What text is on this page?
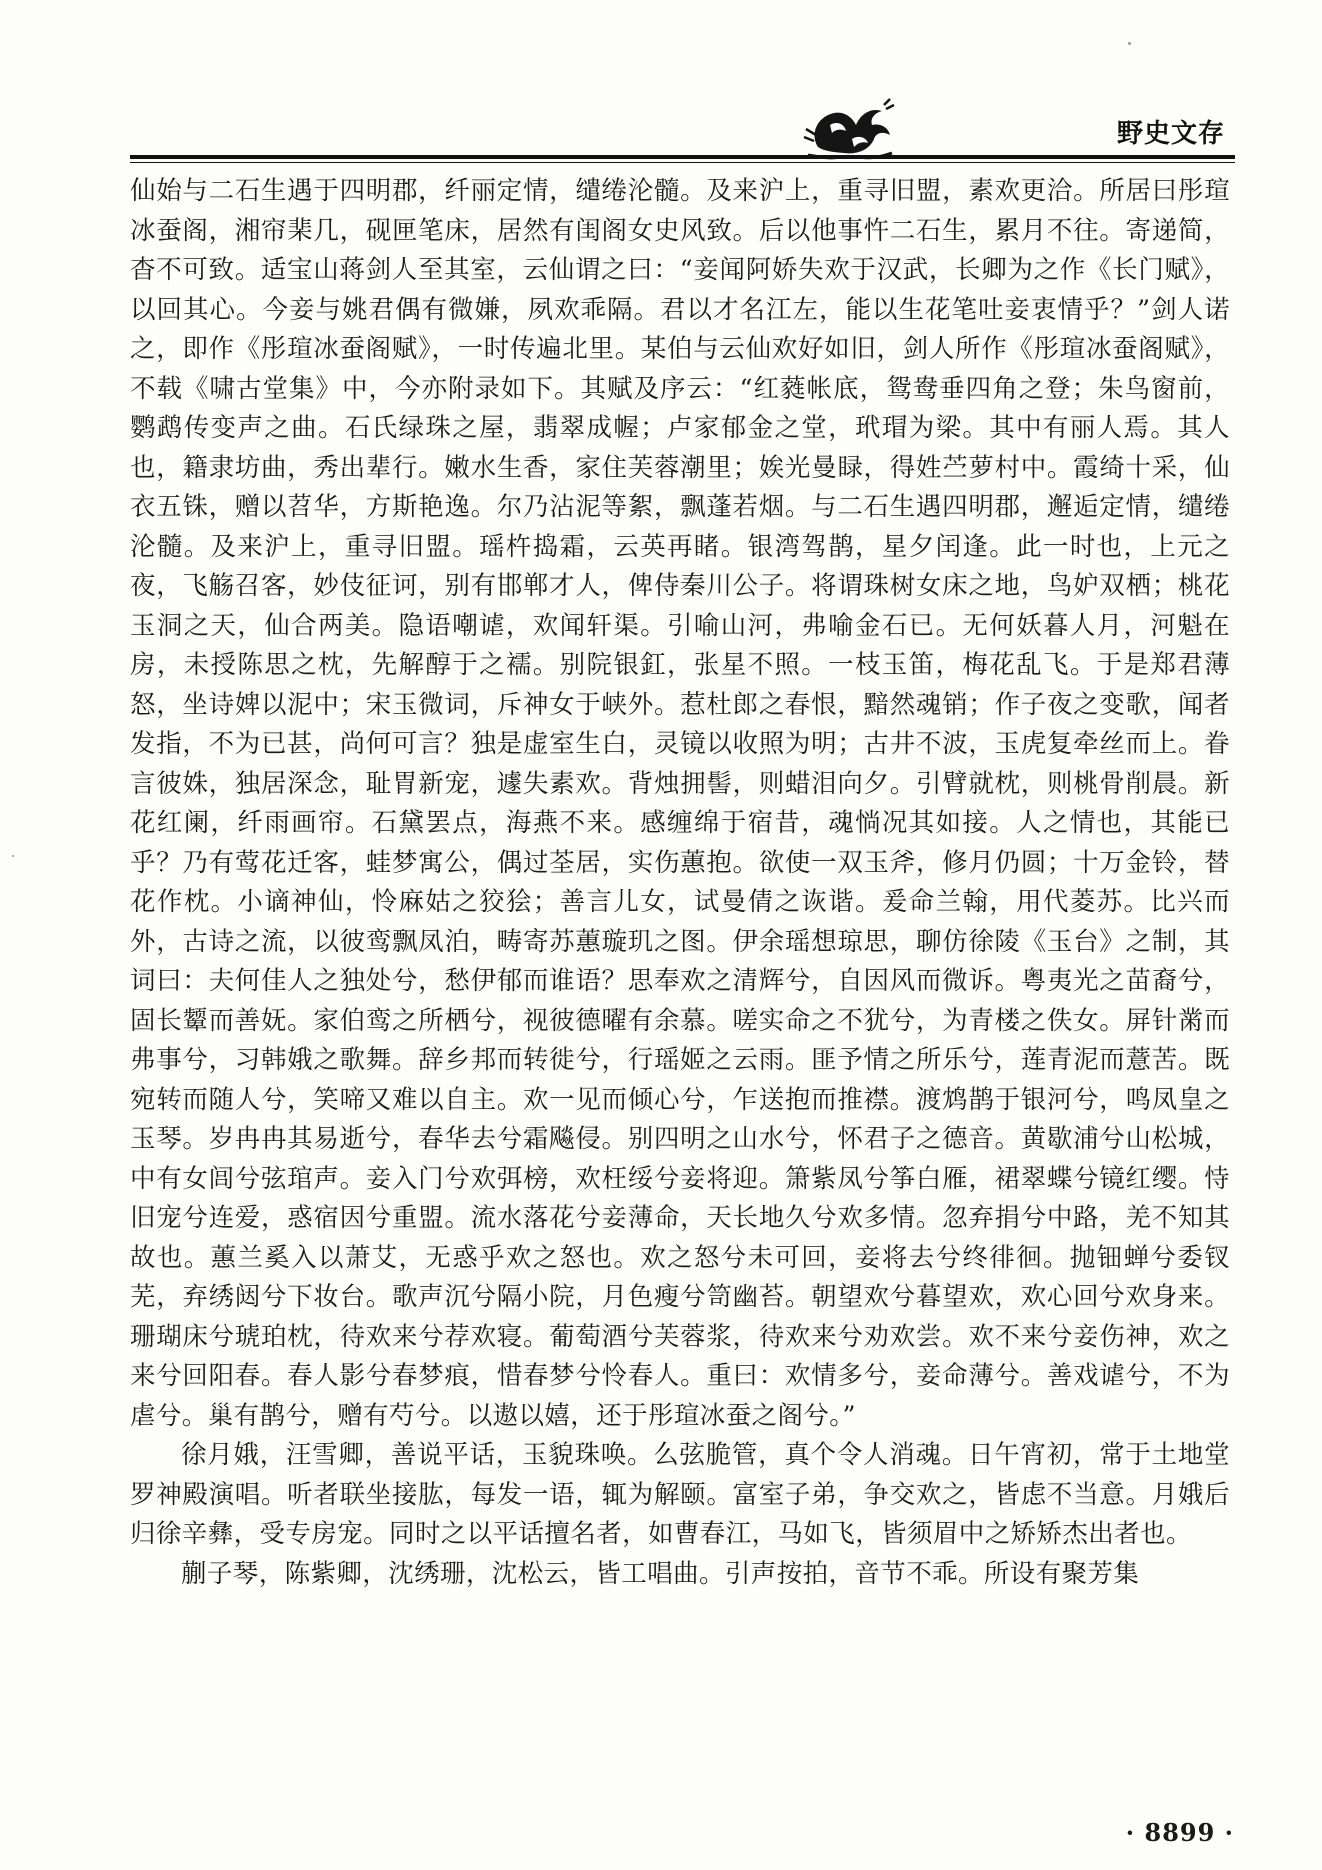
野史文存

仙始与二石生遇于四明郡，纤丽定情，缱绻沦髓。及来沪上，重寻旧盟，素欢更洽。所居曰彤瑄冰蚕阁，湘帘棐几，砚匣笔床，居然有闺阁女史风致。后以他事忤二石生，累月不往。寄递简，杳不可致。适宝山蒋剑人至其室，云仙谓之曰：“妾闻阿娇失欢于汉武，长卿为之作《长门赋》，以回其心。今妾与姚君偶有微嫌，夙欢乖隔。君以才名江左，能以生花笔吐妾衷情乎？”剑人诺之，即作《彤瑄冰蚕阁赋》，一时传遍北里。某伯与云仙欢好如旧，剑人所作《彤瑄冰蚕阁赋》，不载《啸古堂集》中，今亦附录如下。其赋及序云：“红蕤帐底，鸳鸯垂四角之登；朱鸟窗前，鹦鹉传变声之曲。石氏绿珠之屋，翡翠成幄；卢家郁金之堂，玳瑁为梁。其中有丽人焉。其人也，籍隶坊曲，秀出辈行。嫩水生香，家住芙蓉潮里；娭光曼睩，得姓苎萝村中。霞绮十采，仙衣五铢，赠以苕华，方斯艳逸。尔乃沾泥等絮，飘蓬若烟。与二石生遇四明郡，邂逅定情，缱绻沦髓。及来沪上，重寻旧盟。瑶杵捣霜，云英再睹。银湾驾鹊，星夕闰逢。此一时也，上元之夜，飞觞召客，妙伎征诃，别有邯郸才人，俾侍秦川公子。将谓珠树女床之地，鸟妒双栖；桃花玉洞之天，仙合两美。隐语嘲谑，欢闻轩渠。引喻山河，弗喻金石已。无何妖暮人月，河魁在房，未授陈思之枕，先解醇于之襦。别院银釭，张星不照。一枝玉笛，梅花乱飞。于是郑君薄怒，坐诗婢以泥中；宋玉微词，斥神女于峡外。惹杜郎之春恨，黯然魂销；作子夜之变歌，闻者发指，不为已甚，尚何可言？独是虚室生白，灵镜以收照为明；古井不波，玉虎复牵丝而上。眷言彼姝，独居深念，耻胃新宠，遽失素欢。背烛拥髻，则蜡泪向夕。引臂就枕，则桃骨削晨。新花红阑，纤雨画帘。石黛罢点，海燕不来。感缠绵于宿昔，魂惝况其如接。人之情也，其能已乎？乃有莺花迁客，蛙梦寓公，偶过荃居，实伤蕙抱。欲使一双玉斧，修月仍圆；十万金铃，替花作枕。小谪神仙，怜麻姑之狡狯；善言儿女，试曼倩之诙谐。爰命兰翰，用代菱苏。比兴而外，古诗之流，以彼鸾飘凤泊，畴寄苏蕙璇玑之图。伊余瑶想琼思，聊仿徐陵《玉台》之制，其词曰：夫何佳人之独处兮，愁伊郁而谁语？思奉欢之清辉兮，自因风而微诉。粤夷光之苗裔兮，固长颦而善妩。家伯鸾之所栖兮，视彼德曜有余慕。嗟实命之不犹兮，为青楼之佚女。屏针黹而弗事兮，习韩娥之歌舞。辞乡邦而转徙兮，行瑶姬之云雨。匪予情之所乐兮，莲青泥而薏苦。既宛转而随人兮，笑啼又难以自主。欢一见而倾心兮，乍送抱而推襟。渡鸩鹊于银河兮，鸣凤皇之玉琴。岁冉冉其易逝兮，春华去兮霜飚侵。别四明之山水兮，怀君子之德音。黄歇浦兮山松城，中有女闾兮弦琯声。妾入门兮欢弭榜，欢枉绥兮妾将迎。箫紫凤兮筝白雁，裙翠蝶兮镜红缨。恃旧宠兮连爱，惑宿因兮重盟。流水落花兮妾薄命，天长地久兮欢多情。忽弃捐兮中路，羌不知其故也。蕙兰奚入以萧艾，无惑乎欢之怒也。欢之怒兮未可回，妾将去兮终徘徊。抛钿蝉兮委钗芜，弃绣闼兮下妆台。歌声沉兮隔小院，月色瘦兮笥幽苔。朝望欢兮暮望欢，欢心回兮欢身来。珊瑚床兮琥珀枕，待欢来兮荐欢寝。葡萄酒兮芙蓉浆，待欢来兮劝欢尝。欢不来兮妾伤神，欢之来兮回阳春。春人影兮春梦痕，惜春梦兮怜春人。重曰：欢情多兮，妾命薄兮。善戏谑兮，不为虐兮。巢有鹊兮，赠有芍兮。以遨以嬉，还于彤瑄冰蚕之阁兮。”

徐月娥，汪雪卿，善说平话，玉貌珠唤。么弦脆管，真个令人消魂。日午宵初，常于土地堂罗神殿演唱。听者联坐接肱，每发一语，辄为解颐。富室子弟，争交欢之，皆虑不当意。月娥后归徐辛彝，受专房宠。同时之以平话擅名者，如曹春江，马如飞，皆须眉中之矫矫杰出者也。

蒯子琴，陈紫卿，沈绣珊，沈松云，皆工唱曲。引声按拍，音节不乖。所设有聚芳集

· 8899 ·
